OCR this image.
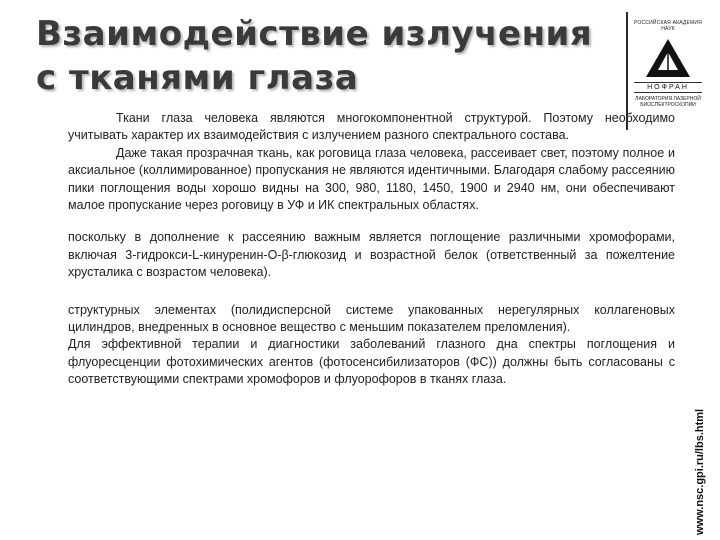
Взаимодействие излучения с тканями глаза
РОССИЙСКАЯ АКАДЕМИЯ НАУК
НОФРАН
ЛАБОРАТОРИЯ ЛАЗЕРНОЙ БИОСПЕКТРОСКОПИИ

Ткани глаза человека являются многокомпонентной структурой. Поэтому необходимо учитывать характер их взаимодействия с излучением разного спектрального состава.

Даже такая прозрачная ткань, как роговица глаза человека, рассеивает свет, поэтому полное и аксиальное (коллимированное) пропускания не являются идентичными. Благодаря слабому рассеянию пики поглощения воды хорошо видны на 300, 980, 1180, 1450, 1900 и 2940 нм, они обеспечивают малое пропускание через роговицу в УФ и ИК спектральных областях.

поскольку в дополнение к рассеянию важным является поглощение различными хромофорами, включая 3-гидрокси-L-кинуренин-O-β-глюкозид и возрастной белок (ответственный за пожелтение хрусталика с возрастом человека).

структурных элементах (полидисперсной системе упакованных нерегулярных коллагеновых цилиндров, внедренных в основное вещество с меньшим показателем преломления).

Для эффективной терапии и диагностики заболеваний глазного дна спектры поглощения и флуоресценции фотохимических агентов (фотосенсибилизаторов (ФС)) должны быть согласованы с соответствующими спектрами хромофоров и флуорофоров в тканях глаза.

www.nsc.gpi.ru/lbs.html
